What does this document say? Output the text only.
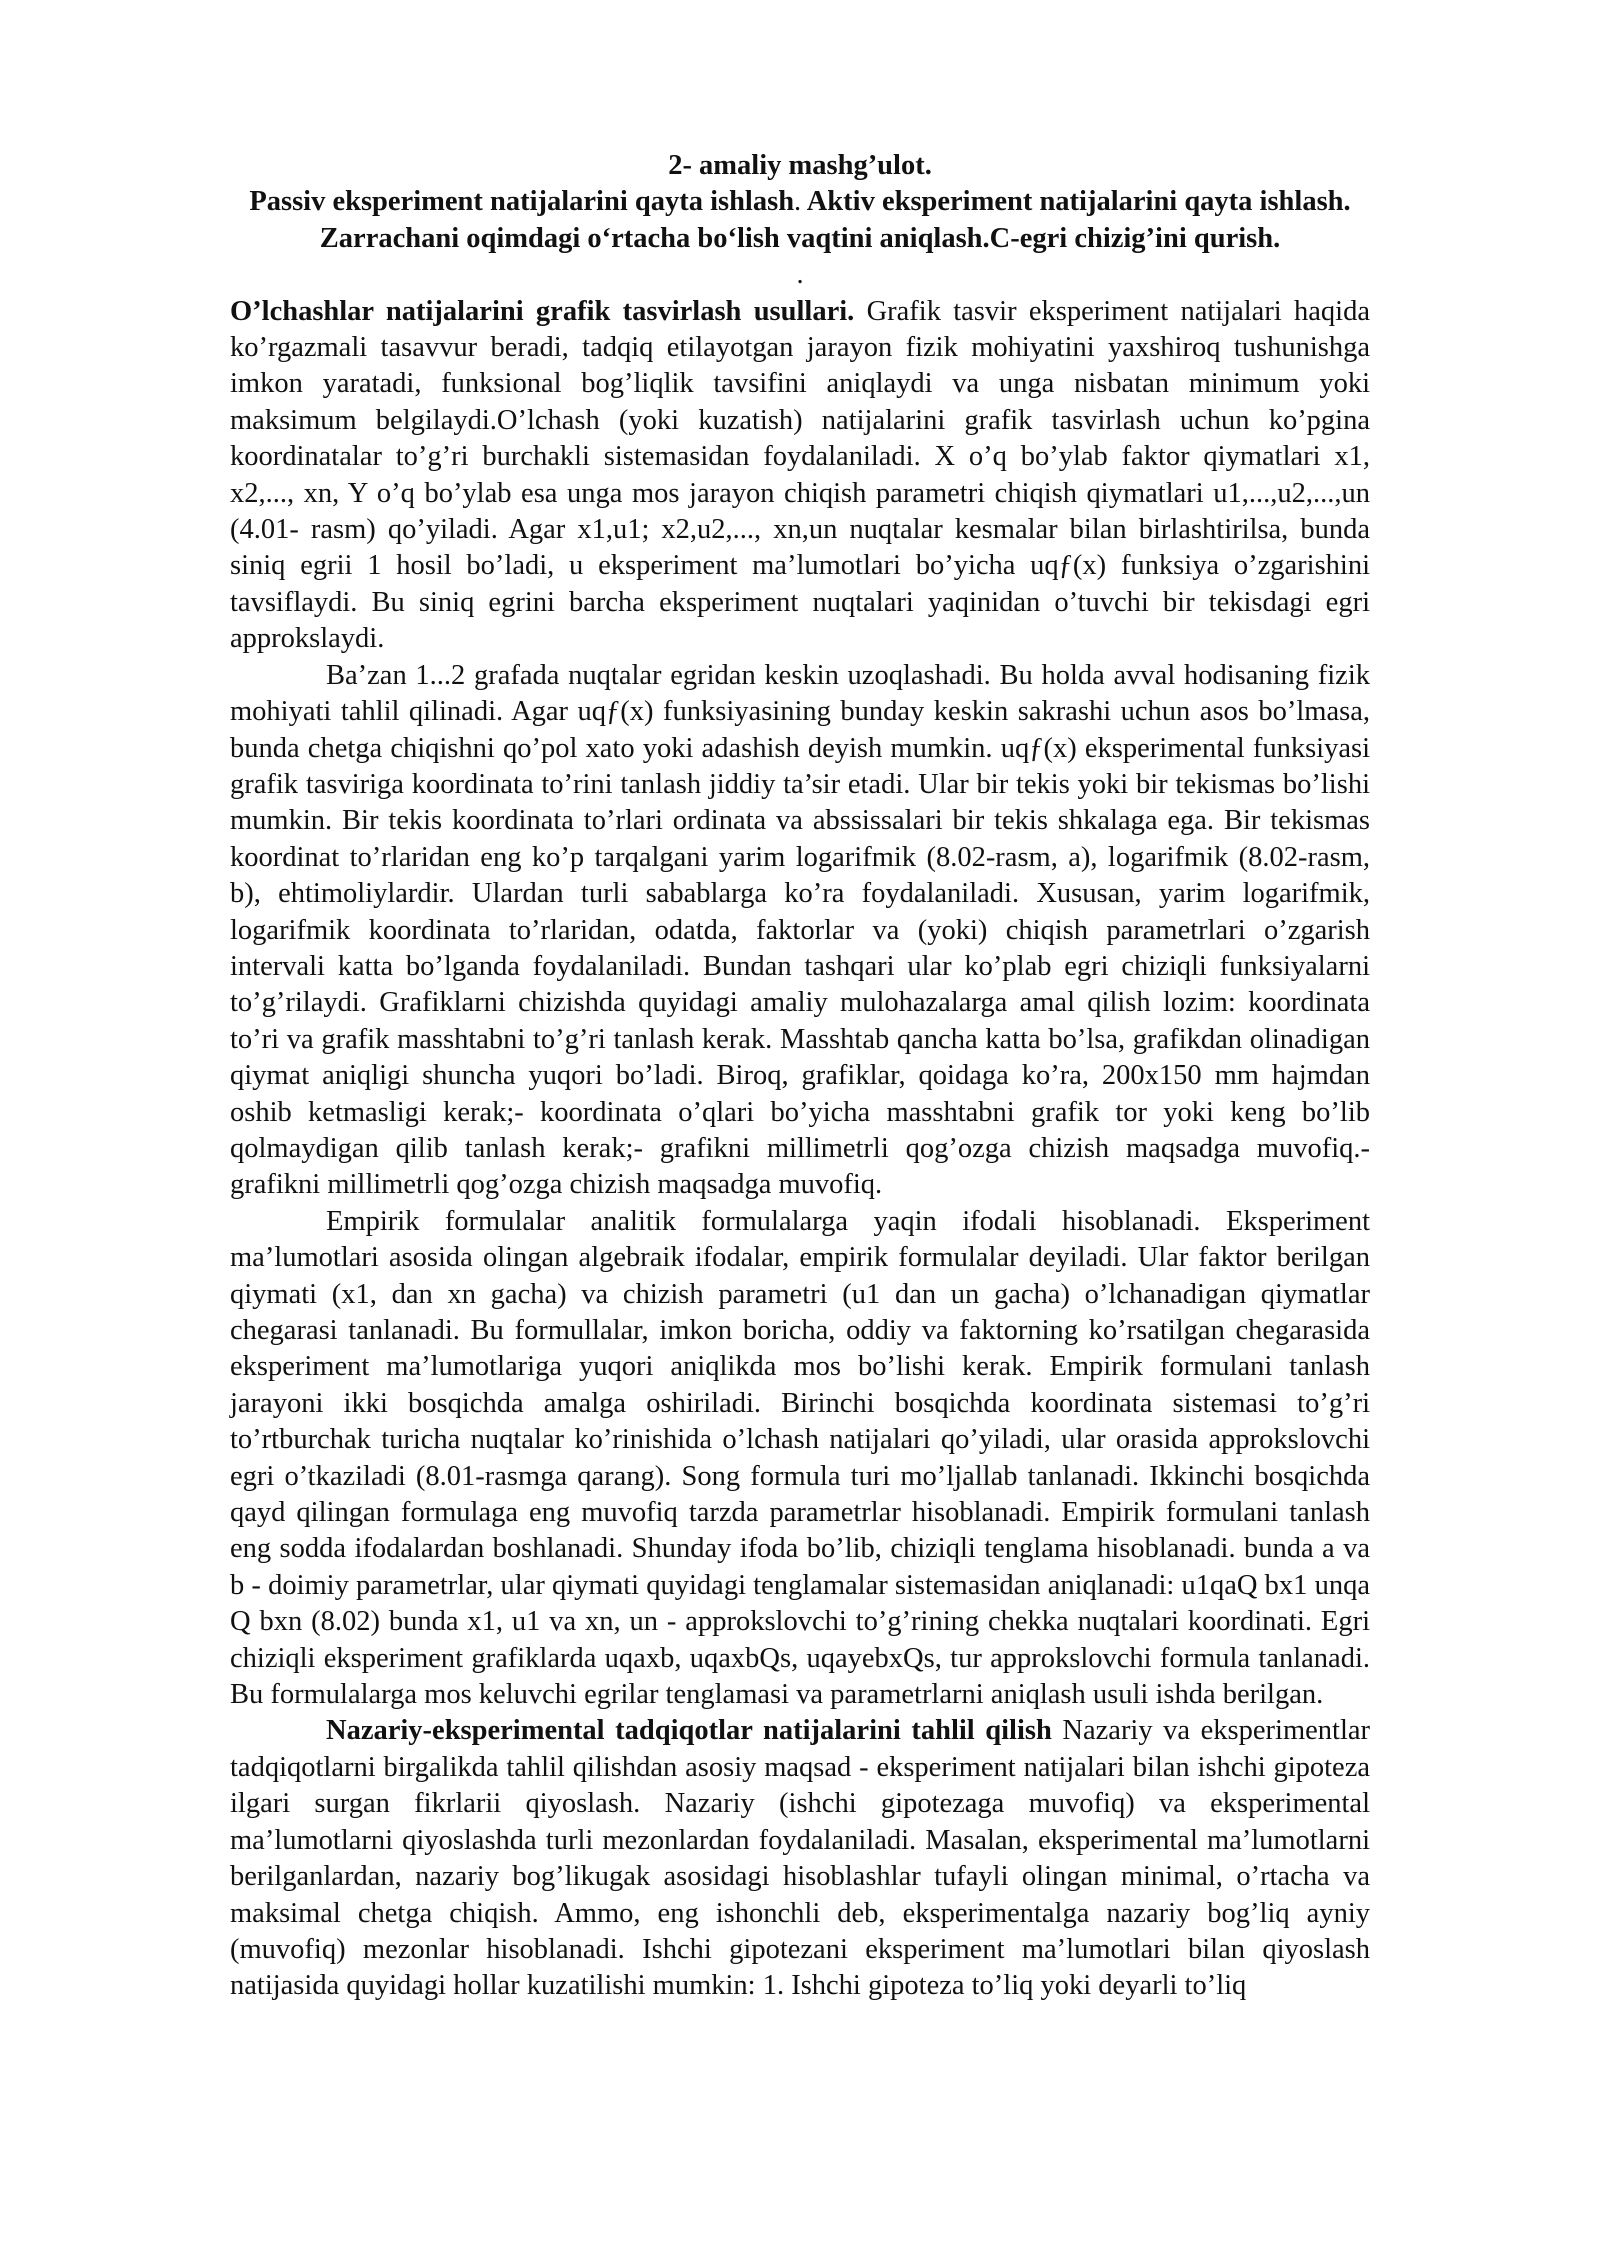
2- amaliy mashg’ulot.

Passiv eksperiment natijalarini qayta ishlash. Aktiv eksperiment natijalarini qayta ishlash. Zarrachani oqimdagi oʻrtacha boʻlish vaqtini aniqlash.C-egri chizig’ini qurish.

.

O’lchashlar natijalarini grafik tasvirlash usullari. Grafik tasvir eksperiment natijalari haqida ko’rgazmali tasavvur beradi, tadqiq etilayotgan jarayon fizik mohiyatini yaxshiroq tushunishga imkon yaratadi, funksional bog’liqlik tavsifini aniqlaydi va unga nisbatan minimum yoki maksimum belgilaydi.O’lchash (yoki kuzatish) natijalarini grafik tasvirlash uchun ko’pgina koordinatalar to’g’ri burchakli sistemasidan foydalaniladi. X o’q bo’ylab faktor qiymatlari x1, x2,..., xn, Y o’q bo’ylab esa unga mos jarayon chiqish parametri chiqish qiymatlari u1,...,u2,...,un (4.01- rasm) qo’yiladi. Agar x1,u1; x2,u2,..., xn,un nuqtalar kesmalar bilan birlashtirilsa, bunda siniq egrii 1 hosil bo’ladi, u eksperiment ma’lumotlari bo’yicha uqƒ(x) funksiya o’zgarishini tavsiflaydi. Bu siniq egrini barcha eksperiment nuqtalari yaqinidan o’tuvchi bir tekisdagi egri approkslaydi.

Ba’zan 1...2 grafada nuqtalar egridan keskin uzoqlashadi. Bu holda avval hodisaning fizik mohiyati tahlil qilinadi. Agar uqƒ(x) funksiyasining bunday keskin sakrashi uchun asos bo’lmasa, bunda chetga chiqishni qo’pol xato yoki adashish deyish mumkin. uqƒ(x) eksperimental funksiyasi grafik tasviriga koordinata to’rini tanlash jiddiy ta’sir etadi. Ular bir tekis yoki bir tekismas bo’lishi mumkin. Bir tekis koordinata to’rlari ordinata va abssissalari bir tekis shkalaga ega. Bir tekismas koordinat to’rlaridan eng ko’p tarqalgani yarim logarifmik (8.02-rasm, a), logarifmik (8.02-rasm, b), ehtimoliylardir. Ulardan turli sabablarga ko’ra foydalaniladi. Xususan, yarim logarifmik, logarifmik koordinata to’rlaridan, odatda, faktorlar va (yoki) chiqish parametrlari o’zgarish intervali katta bo’lganda foydalaniladi. Bundan tashqari ular ko’plab egri chiziqli funksiyalarni to’g’rilaydi. Grafiklarni chizishda quyidagi amaliy mulohazalarga amal qilish lozim: koordinata to’ri va grafik masshtabni to’g’ri tanlash kerak. Masshtab qancha katta bo’lsa, grafikdan olinadigan qiymat aniqligi shuncha yuqori bo’ladi. Biroq, grafiklar, qoidaga ko’ra, 200x150 mm hajmdan oshib ketmasligi kerak;- koordinata o’qlari bo’yicha masshtabni grafik tor yoki keng bo’lib qolmaydigan qilib tanlash kerak;- grafikni millimetrli qog’ozga chizish maqsadga muvofiq.- grafikni millimetrli qog’ozga chizish maqsadga muvofiq.

Empirik formulalar analitik formulalarga yaqin ifodali hisoblanadi. Eksperiment ma’lumotlari asosida olingan algebraik ifodalar, empirik formulalar deyiladi. Ular faktor berilgan qiymati (x1, dan xn gacha) va chizish parametri (u1 dan un gacha) o’lchanadigan qiymatlar chegarasi tanlanadi. Bu formullalar, imkon boricha, oddiy va faktorning ko’rsatilgan chegarasida eksperiment ma’lumotlariga yuqori aniqlikda mos bo’lishi kerak. Empirik formulani tanlash jarayoni ikki bosqichda amalga oshiriladi. Birinchi bosqichda koordinata sistemasi to’g’ri to’rtburchak turicha nuqtalar ko’rinishida o’lchash natijalari qo’yiladi, ular orasida approkslovchi egri o’tkaziladi (8.01-rasmga qarang). Song formula turi mo’ljallab tanlanadi. Ikkinchi bosqichda qayd qilingan formulaga eng muvofiq tarzda parametrlar hisoblanadi. Empirik formulani tanlash eng sodda ifodalardan boshlanadi. Shunday ifoda bo’lib, chiziqli tenglama hisoblanadi. bunda a va b - doimiy parametrlar, ular qiymati quyidagi tenglamalar sistemasidan aniqlanadi: u1qaQ bx1 unqa Q bxn (8.02) bunda x1, u1 va xn, un - approkslovchi to’g’rining chekka nuqtalari koordinati. Egri chiziqli eksperiment grafiklarda uqaxb, uqaxbQs, uqayebxQs, tur approkslovchi formula tanlanadi. Bu formulalarga mos keluvchi egrilar tenglamasi va parametrlarni aniqlash usuli ishda berilgan.

Nazariy-eksperimental tadqiqotlar natijalarini tahlil qilish Nazariy va eksperimentlar tadqiqotlarni birgalikda tahlil qilishdan asosiy maqsad - eksperiment natijalari bilan ishchi gipoteza ilgari surgan fikrlarii qiyoslash. Nazariy (ishchi gipotezaga muvofiq) va eksperimental ma’lumotlarni qiyoslashda turli mezonlardan foydalaniladi. Masalan, eksperimental ma’lumotlarni berilganlardan, nazariy bog’likugak asosidagi hisoblashlar tufayli olingan minimal, o’rtacha va maksimal chetga chiqish. Ammo, eng ishonchli deb, eksperimentalga nazariy bog’liq ayniy (muvofiq) mezonlar hisoblanadi. Ishchi gipotezani eksperiment ma’lumotlari bilan qiyoslash natijasida quyidagi hollar kuzatilishi mumkin: 1. Ishchi gipoteza to’liq yoki deyarli to’liq
